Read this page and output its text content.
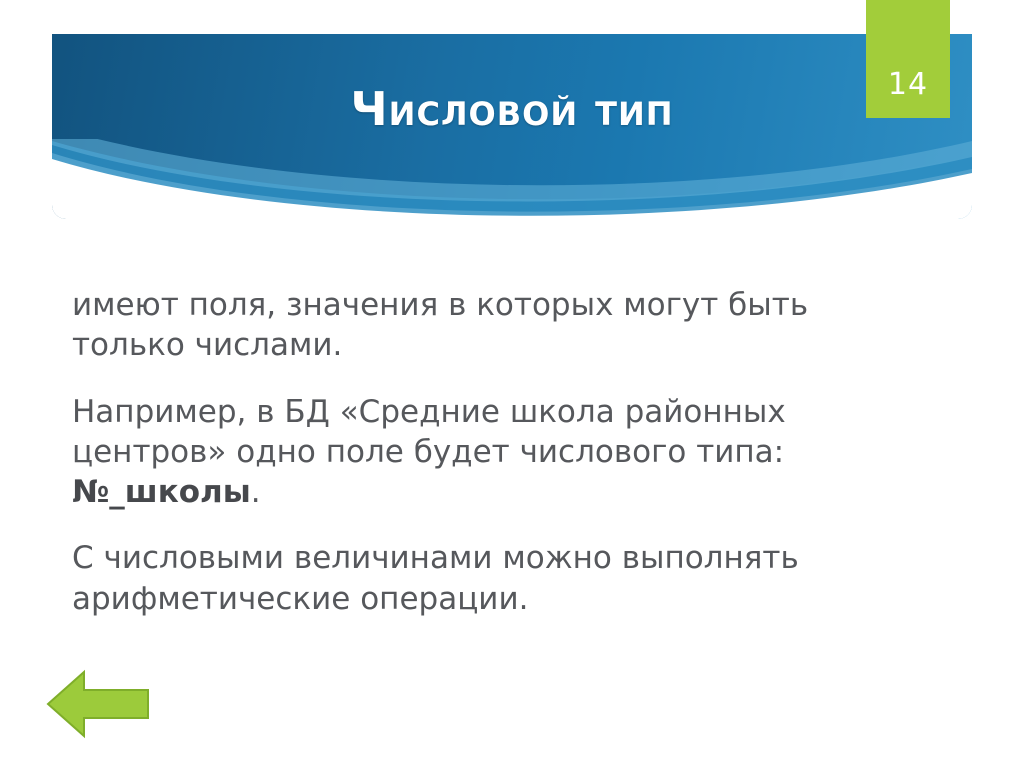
Числовой тип	14

имеют поля, значения в которых могут быть только числами.

Например, в БД «Средние школа районных центров» одно поле будет числового типа: №_школы.

С числовыми величинами можно выполнять арифметические операции.
